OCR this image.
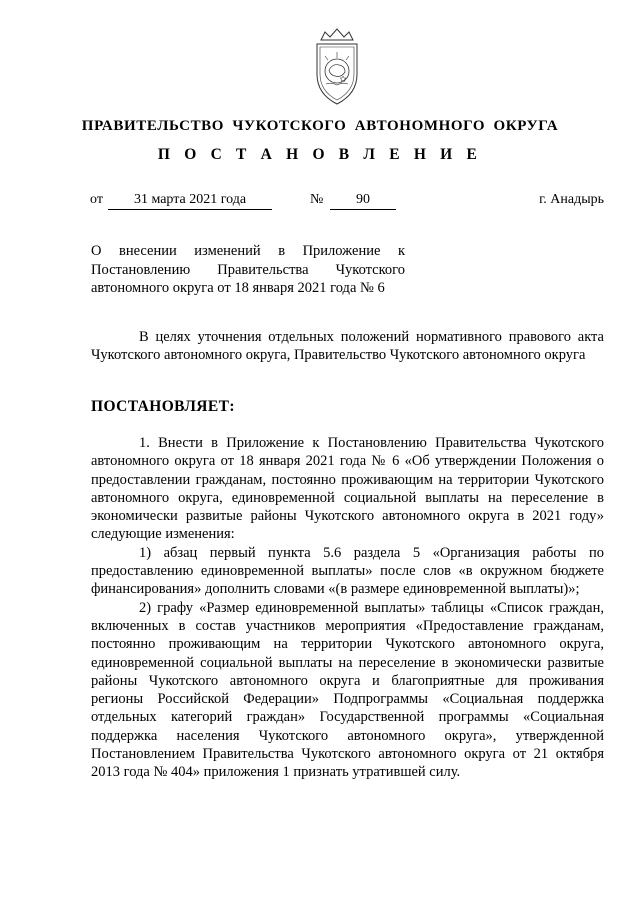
ПРАВИТЕЛЬСТВО ЧУКОТСКОГО АВТОНОМНОГО ОКРУГА
П О С Т А Н О В Л Е Н И Е
от	31 марта 2021 года	№	90	г. Анадырь
О внесении изменений в Приложение к Постановлению Правительства Чукотского автономного округа от 18 января 2021 года № 6
В целях уточнения отдельных положений нормативного правового акта Чукотского автономного округа, Правительство Чукотского автономного округа
ПОСТАНОВЛЯЕТ:

1. Внести в Приложение к Постановлению Правительства Чукотского автономного округа от 18 января 2021 года № 6 «Об утверждении Положения о предоставлении гражданам, постоянно проживающим на территории Чукотского автономного округа, единовременной социальной выплаты на переселение в экономически развитые районы Чукотского автономного округа в 2021 году» следующие изменения:

1) абзац первый пункта 5.6 раздела 5 «Организация работы по предоставлению единовременной выплаты» после слов «в окружном бюджете финансирования» дополнить словами «(в размере единовременной выплаты)»;

2) графу «Размер единовременной выплаты» таблицы «Список граждан, включенных в состав участников мероприятия «Предоставление гражданам, постоянно проживающим на территории Чукотского автономного округа, единовременной социальной выплаты на переселение в экономически развитые районы Чукотского автономного округа и благоприятные для проживания регионы Российской Федерации» Подпрограммы «Социальная поддержка отдельных категорий граждан» Государственной программы «Социальная поддержка населения Чукотского автономного округа», утвержденной Постановлением Правительства Чукотского автономного округа от 21 октября 2013 года № 404» приложения 1 признать утратившей силу.
